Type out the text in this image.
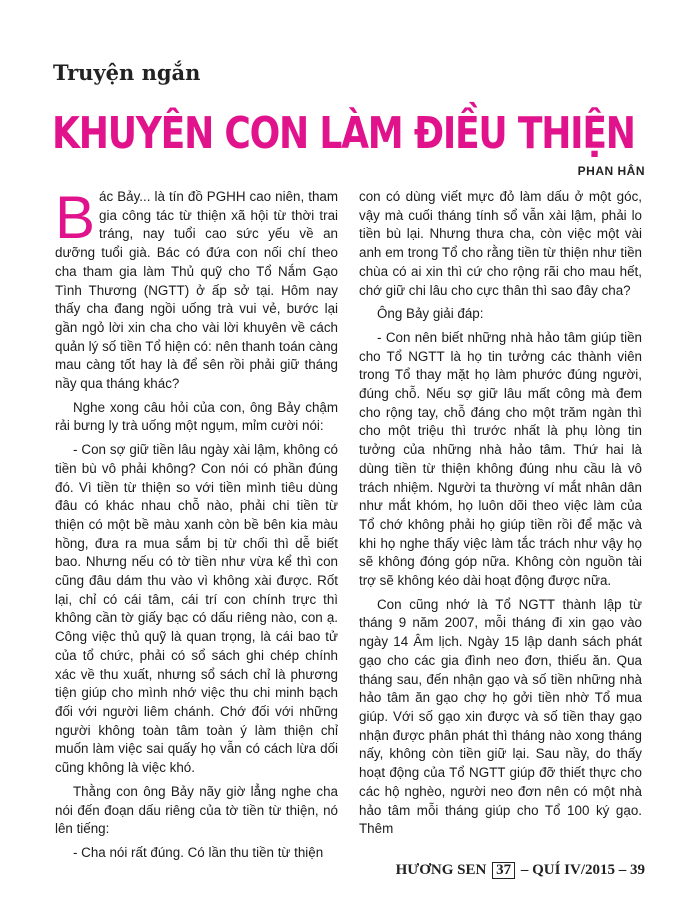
Truyện ngắn
KHUYÊN CON LÀM ĐIỀU THIỆN
PHAN HÂN

Bác Bảy... là tín đồ PGHH cao niên, tham gia công tác từ thiện xã hội từ thời trai tráng, nay tuổi cao sức yếu về an dưỡng tuổi già. Bác có đứa con nối chí theo cha tham gia làm Thủ quỹ cho Tổ Nắm Gạo Tình Thương (NGTT) ở ấp sở tại. Hôm nay thấy cha đang ngồi uống trà vui vẻ, bước lại gần ngỏ lời xin cha cho vài lời khuyên về cách quản lý số tiền Tổ hiện có: nên thanh toán càng mau càng tốt hay là để sên rồi phải giữ tháng nầy qua tháng khác?

Nghe xong câu hỏi của con, ông Bảy chậm rải bưng ly trà uống một ngụm, mỉm cười nói:

- Con sợ giữ tiền lâu ngày xài lậm, không có tiền bù vô phải không? Con nói có phần đúng đó. Vì tiền từ thiện so với tiền mình tiêu dùng đâu có khác nhau chỗ nào, phải chi tiền từ thiện có một bề màu xanh còn bề bên kia màu hồng, đưa ra mua sắm bị từ chối thì dễ biết bao. Nhưng nếu có tờ tiền như vừa kể thì con cũng đâu dám thu vào vì không xài được. Rốt lại, chỉ có cái tâm, cái trí con chính trực thì không cần tờ giấy bạc có dấu riêng nào, con ạ. Công việc thủ quỹ là quan trọng, là cái bao tử của tổ chức, phải có sổ sách ghi chép chính xác về thu xuất, nhưng sổ sách chỉ là phương tiện giúp cho mình nhớ việc thu chi minh bạch đối với người liêm chánh. Chớ đối với những người không toàn tâm toàn ý làm thiện chỉ muốn làm việc sai quấy họ vẫn có cách lừa dối cũng không là việc khó.

Thằng con ông Bảy nãy giờ lẳng nghe cha nói đến đoạn dấu riêng của tờ tiền từ thiện, nó lên tiếng:

- Cha nói rất đúng. Có lần thu tiền từ thiện

con có dùng viết mực đỏ làm dấu ở một góc, vậy mà cuối tháng tính sổ vẫn xài lậm, phải lo tiền bù lại. Nhưng thưa cha, còn việc một vài anh em trong Tổ cho rằng tiền từ thiện như tiền chùa có ai xin thì cứ cho rộng rãi cho mau hết, chớ giữ chi lâu cho cực thân thì sao đây cha?

Ông Bảy giải đáp:

- Con nên biết những nhà hảo tâm giúp tiền cho Tổ NGTT là họ tin tưởng các thành viên trong Tổ thay mặt họ làm phước đúng người, đúng chỗ. Nếu sợ giữ lâu mất công mà đem cho rộng tay, chỗ đáng cho một trăm ngàn thì cho một triệu thì trước nhất là phụ lòng tin tưởng của những nhà hảo tâm. Thứ hai là dùng tiền từ thiện không đúng nhu cầu là vô trách nhiệm. Người ta thường ví mắt nhân dân như mắt khóm, họ luôn dõi theo việc làm của Tổ chớ không phải họ giúp tiền rồi để mặc và khi họ nghe thấy việc làm tắc trách như vậy họ sẽ không đóng góp nữa. Không còn nguồn tài trợ sẽ không kéo dài hoạt động được nữa.

Con cũng nhớ là Tổ NGTT thành lập từ tháng 9 năm 2007, mỗi tháng đi xin gạo vào ngày 14 Âm lịch. Ngày 15 lập danh sách phát gạo cho các gia đình neo đơn, thiếu ăn. Qua tháng sau, đến nhận gạo và số tiền những nhà hảo tâm ăn gạo chợ họ gởi tiền nhờ Tổ mua giúp. Với số gạo xin được và số tiền thay gạo nhận được phân phát thì tháng nào xong tháng nấy, không còn tiền giữ lại. Sau nầy, do thấy hoạt động của Tổ NGTT giúp đỡ thiết thực cho các hộ nghèo, người neo đơn nên có một nhà hảo tâm mỗi tháng giúp cho Tổ 100 ký gạo. Thêm

HƯƠNG SEN 37 – QUÍ IV/2015 – 39
